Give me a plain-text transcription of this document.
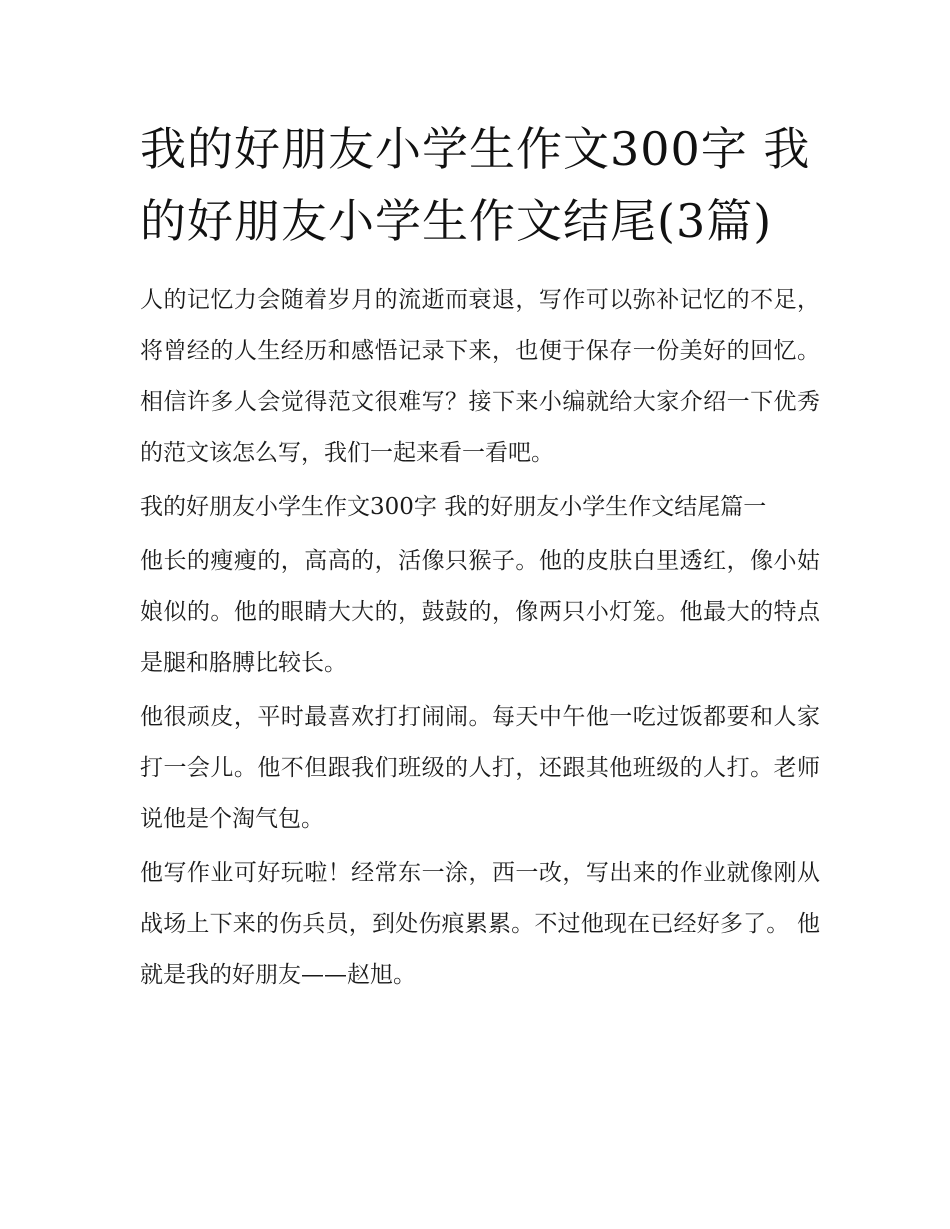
我的好朋友小学生作文300字 我的好朋友小学生作文结尾(3篇)

人的记忆力会随着岁月的流逝而衰退，写作可以弥补记忆的不足，将曾经的人生经历和感悟记录下来，也便于保存一份美好的回忆。相信许多人会觉得范文很难写？接下来小编就给大家介绍一下优秀的范文该怎么写，我们一起来看一看吧。

我的好朋友小学生作文300字 我的好朋友小学生作文结尾篇一

他长的瘦瘦的，高高的，活像只猴子。他的皮肤白里透红，像小姑娘似的。他的眼睛大大的，鼓鼓的，像两只小灯笼。他最大的特点是腿和胳膊比较长。

他很顽皮，平时最喜欢打打闹闹。每天中午他一吃过饭都要和人家打一会儿。他不但跟我们班级的人打，还跟其他班级的人打。老师说他是个淘气包。

他写作业可好玩啦！经常东一涂，西一改，写出来的作业就像刚从战场上下来的伤兵员，到处伤痕累累。不过他现在已经好多了。 他就是我的好朋友——赵旭。
